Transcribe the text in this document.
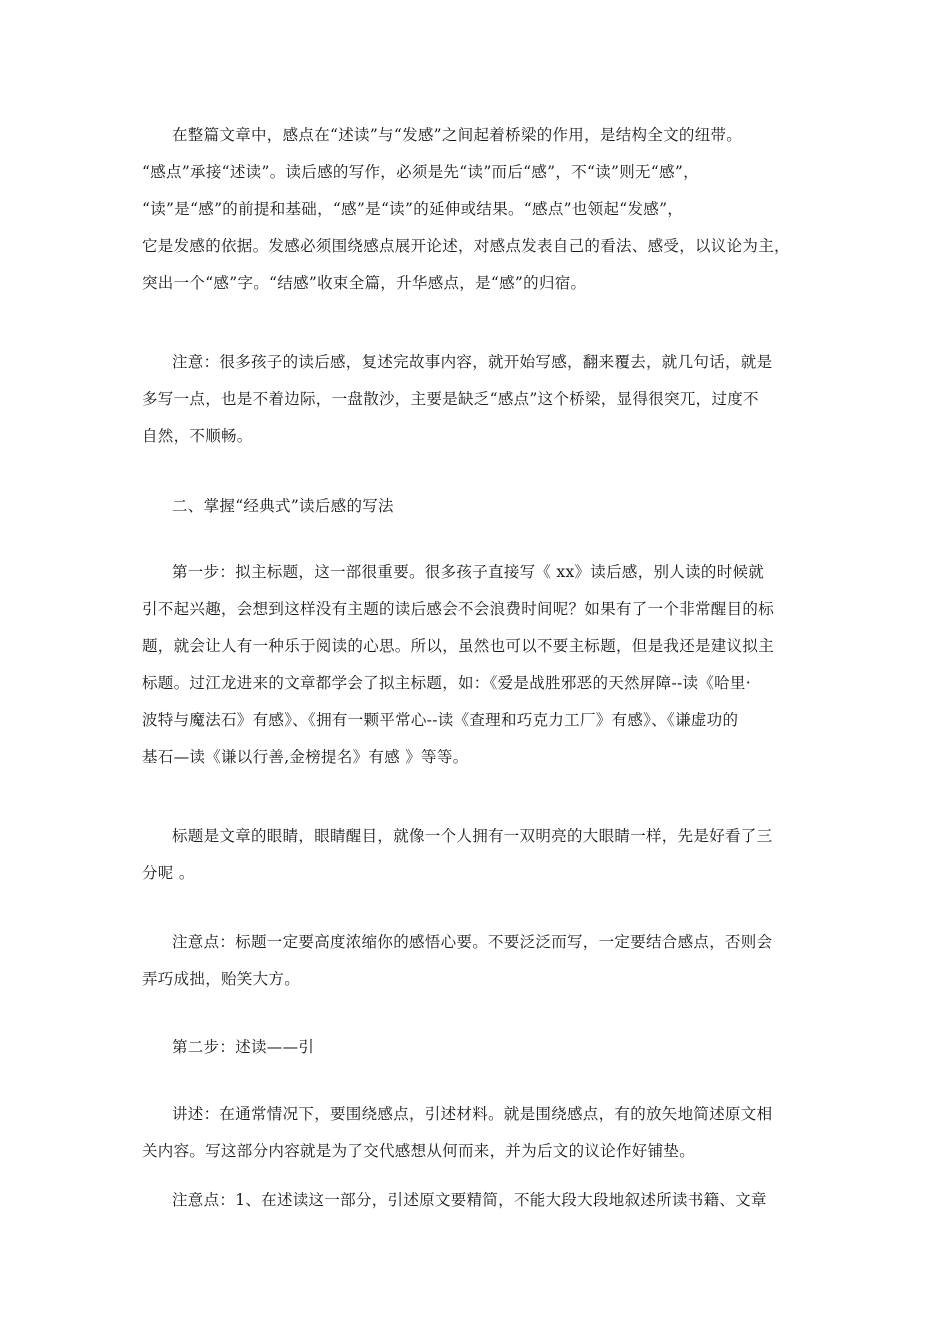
在整篇文章中，感点在“述读”与“发感”之间起着桥梁的作用，是结构全文的纽带。
“感点”承接“述读”。读后感的写作，必须是先“读”而后“感”，不“读”则无“感”，
“读”是“感”的前提和基础，“感”是“读”的延伸或结果。“感点”也领起“发感”，
它是发感的依据。发感必须围绕感点展开论述，对感点发表自己的看法、感受，以议论为主，
突出一个“感”字。“结感”收束全篇，升华感点，是“感”的归宿。
注意：很多孩子的读后感，复述完故事内容，就开始写感，翻来覆去，就几句话，就是
多写一点，也是不着边际，一盘散沙，主要是缺乏“感点”这个桥梁，显得很突兀，过度不
自然，不顺畅。
二、掌握“经典式”读后感的写法
第一步：拟主标题，这一部很重要。很多孩子直接写《 xx》读后感，别人读的时候就
引不起兴趣，会想到这样没有主题的读后感会不会浪费时间呢？如果有了一个非常醒目的标
题，就会让人有一种乐于阅读的心思。所以，虽然也可以不要主标题，但是我还是建议拟主
标题。过江龙进来的文章都学会了拟主标题，如：《爱是战胜邪恶的天然屏障--读《哈里·
波特与魔法石》有感》、《拥有一颗平常心--读《查理和巧克力工厂》有感》、《谦虚功的
基石—读《谦以行善,金榜提名》有感 》等等。
标题是文章的眼睛，眼睛醒目，就像一个人拥有一双明亮的大眼睛一样，先是好看了三
分呢 。
注意点：标题一定要高度浓缩你的感悟心要。不要泛泛而写，一定要结合感点，否则会
弄巧成拙，贻笑大方。
第二步：述读——引
讲述：在通常情况下，要围绕感点，引述材料。就是围绕感点，有的放矢地简述原文相
关内容。写这部分内容就是为了交代感想从何而来，并为后文的议论作好铺垫。
注意点：1、在述读这一部分，引述原文要精简，不能大段大段地叙述所读书籍、文章
